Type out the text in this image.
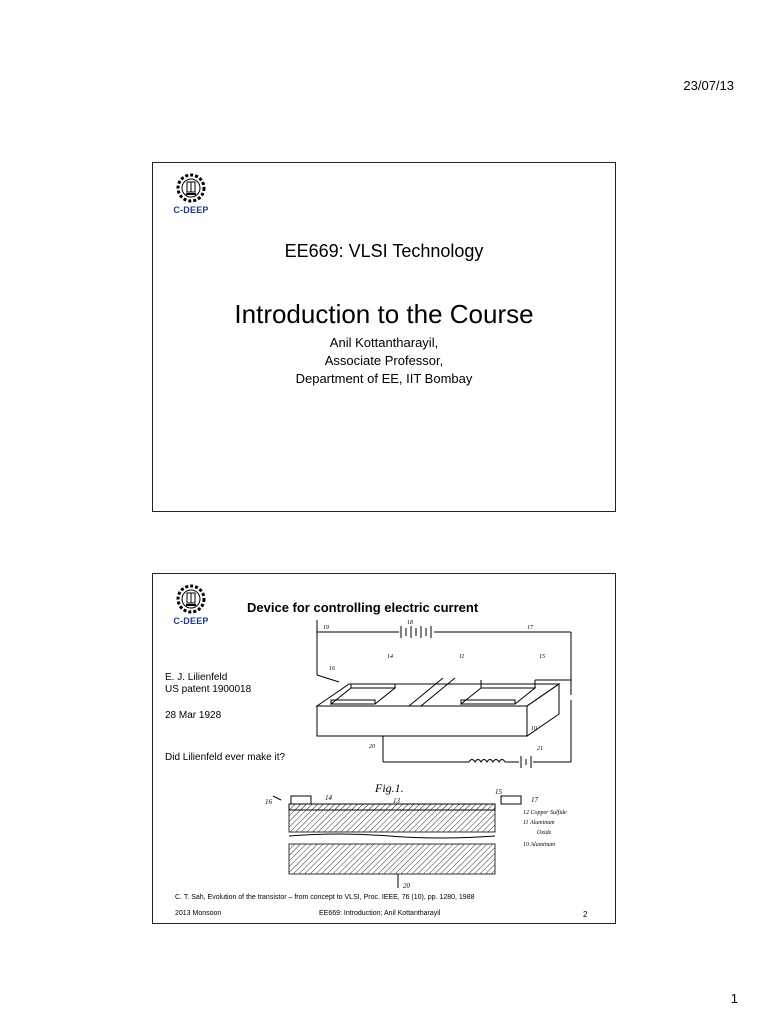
23/07/13
C-DEEP
EE669: VLSI Technology
Introduction to the Course
Anil Kottantharayil,
Associate Professor,
Department of EE, IIT Bombay
C-DEEP
Device for controlling electric current
19
18
17
16
14	11	15
10
20	21
E. J. Lilienfeld
US patent 1900018
28 Mar 1928
Did Lilienfeld ever make it?
Fig.1.
16	14	13
15
17
20
12 Copper Sulfide
11 Aluminum
Oxide
10 Aluminum
C. T. Sah, Evolution of the transistor – from concept to VLSI, Proc. IEEE, 76 (10), pp. 1280, 1988
2013 Monsoon	EE669: Introduction; Anil Kottantharayil	2
1
